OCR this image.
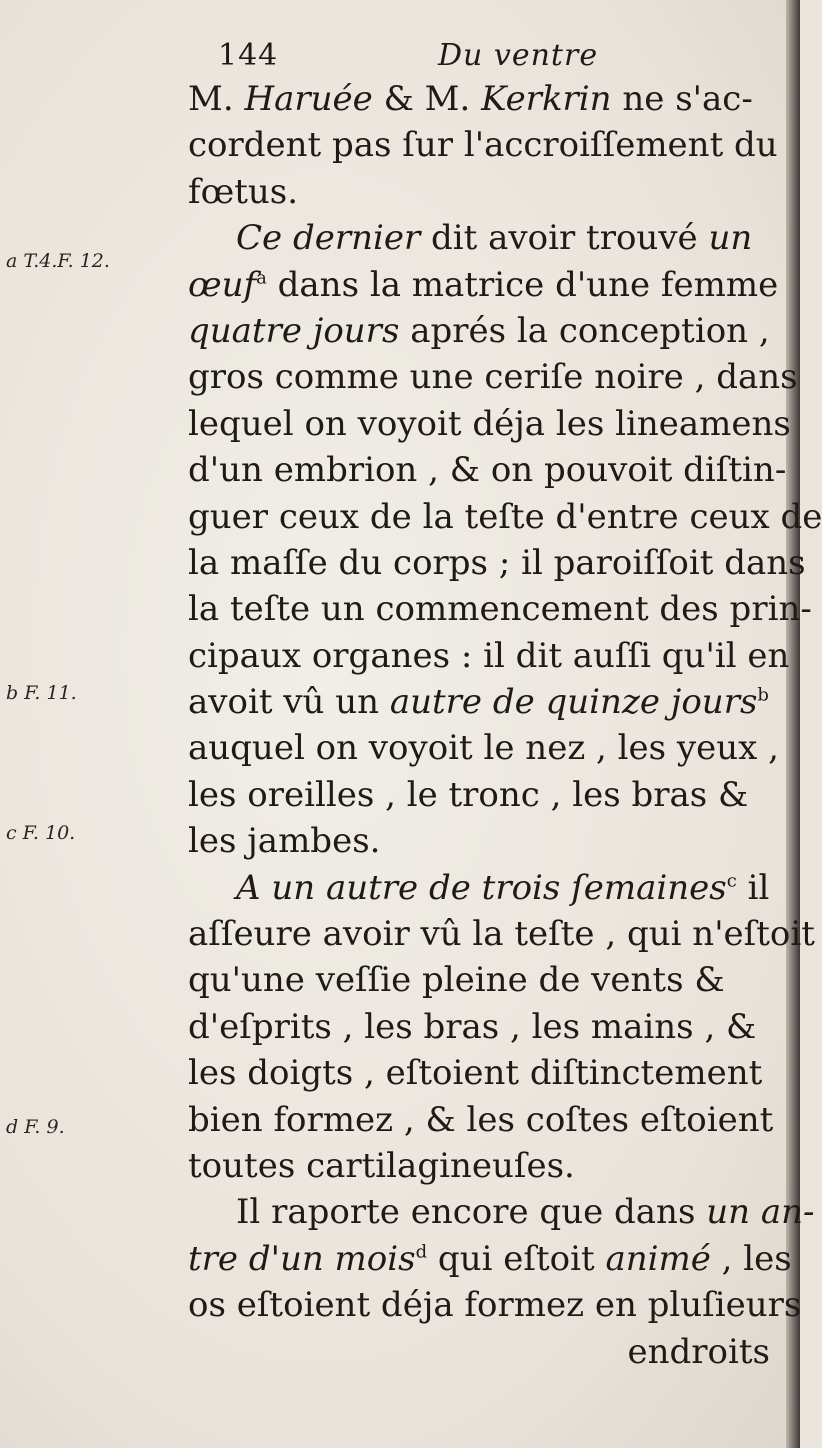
144	Du ventre
a T.4.F. 12.
b F. 11.
c F. 10.
d F. 9.
M. Haruée & M. Kerkrin ne s'ac-
cordent pas ſur l'accroiſſement du
fœtus.
Ce dernier dit avoir trouvé un
œuf$^a$ dans la matrice d'une femme
quatre jours aprés la conception ,
gros comme une ceriſe noire , dans
lequel on voyoit déja les lineamens
d'un embrion , & on pouvoit diſtin-
guer ceux de la teſte d'entre ceux de
la maſſe du corps ; il paroiſſoit dans
la teſte un commencement des prin-
cipaux organes : il dit auſſi qu'il en
avoit vû un autre de quinze jours$^b$
auquel on voyoit le nez , les yeux ,
les oreilles , le tronc , les bras &
les jambes.
A un autre de trois ſemaines$^c$ il
aſſeure avoir vû la teſte , qui n'eſtoit
qu'une veſſie pleine de vents &
d'eſprits , les bras , les mains , &
les doigts , eſtoient diſtinctement
bien formez , & les coſtes eſtoient
toutes cartilagineuſes.
Il raporte encore que dans un an-
tre d'un mois$^d$ qui eſtoit animé , les
os eſtoient déja formez en pluſieurs
endroits
